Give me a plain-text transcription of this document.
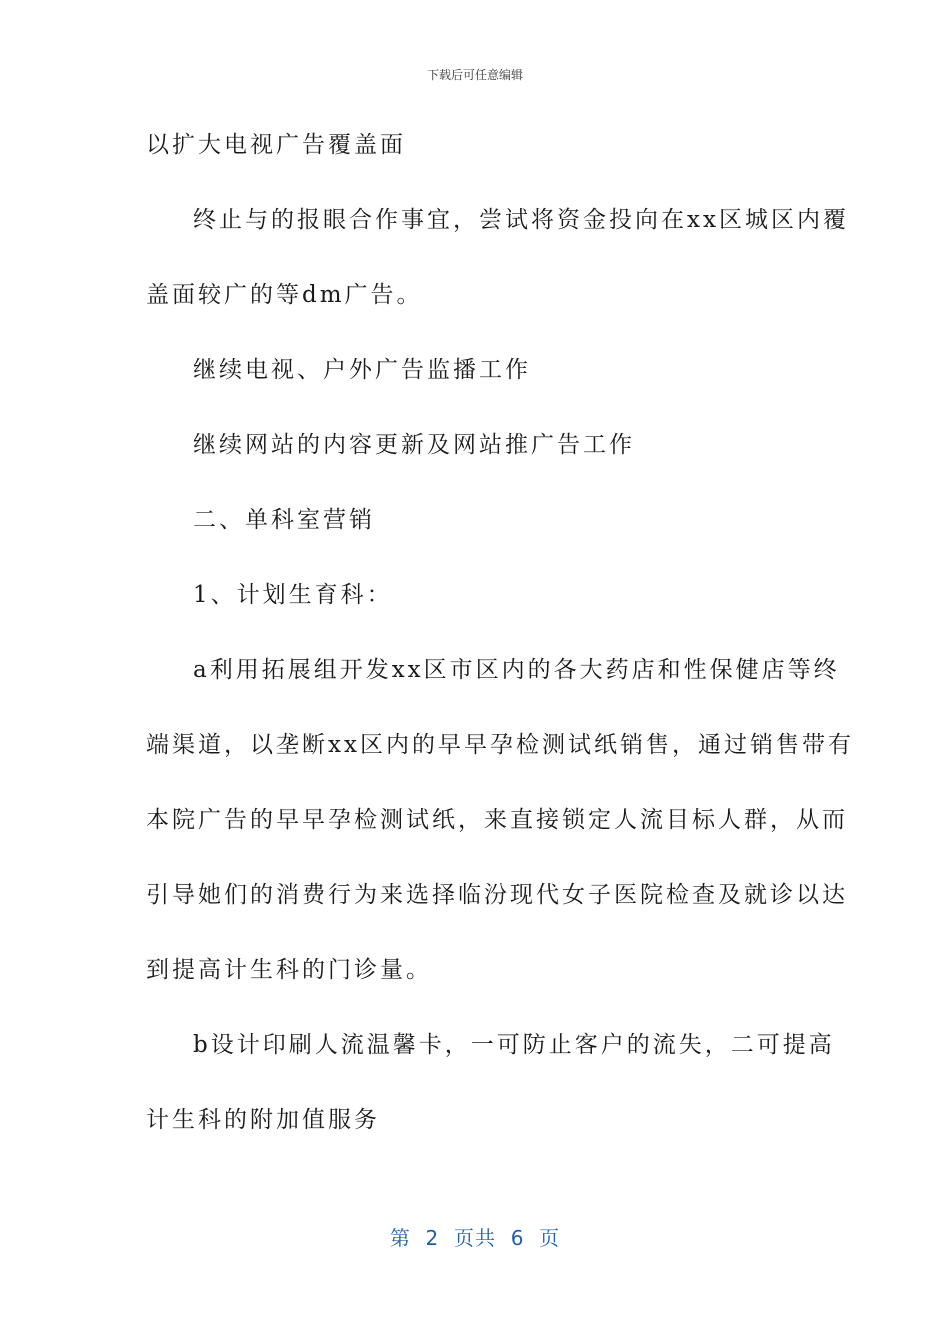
下载后可任意编辑
以扩大电视广告覆盖面
终止与的报眼合作事宜，尝试将资金投向在xx区城区内覆
盖面较广的等dm广告。
继续电视、户外广告监播工作
继续网站的内容更新及网站推广告工作
二、单科室营销
1、计划生育科：
a利用拓展组开发xx区市区内的各大药店和性保健店等终
端渠道，以垄断xx区内的早早孕检测试纸销售，通过销售带有
本院广告的早早孕检测试纸，来直接锁定人流目标人群，从而
引导她们的消费行为来选择临汾现代女子医院检查及就诊以达
到提高计生科的门诊量。
b设计印刷人流温馨卡，一可防止客户的流失，二可提高
计生科的附加值服务
第  2  页共  6  页
